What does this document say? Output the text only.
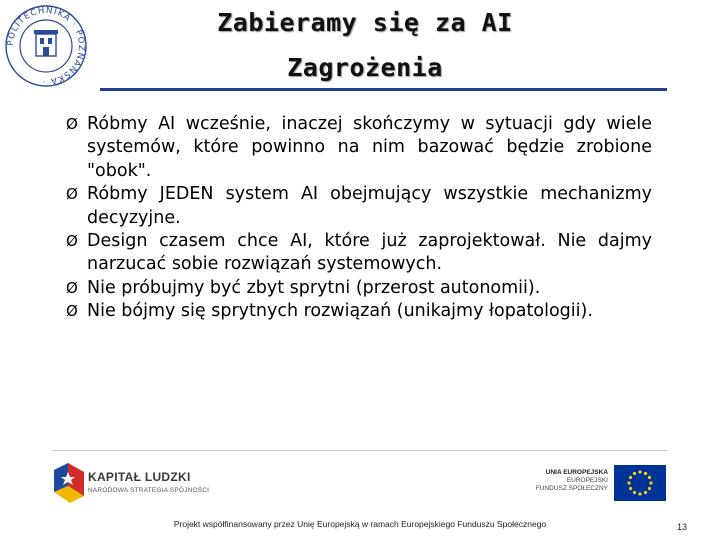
POLITECHNIKA · POZNAŃSKA ·
Zabieramy się za AI
Zagrożenia
Ø Róbmy AI wcześnie, inaczej skończymy w sytuacji gdy wiele systemów, które powinno na nim bazować będzie zrobione "obok".
Ø Róbmy JEDEN system AI obejmujący wszystkie mechanizmy decyzyjne.
Ø Design czasem chce AI, które już zaprojektował. Nie dajmy narzucać sobie rozwiązań systemowych.
Ø Nie próbujmy być zbyt sprytni (przerost autonomii).
Ø Nie bójmy się sprytnych rozwiązań (unikajmy łopatologii).
KAPITAŁ LUDZKI
NARODOWA STRATEGIA SPÓJNOŚCI
UNIA EUROPEJSKA
EUROPEJSKI
FUNDUSZ SPOŁECZNY
Projekt współfinansowany przez Unię Europejską w ramach Europejskiego Funduszu Społecznego	13
